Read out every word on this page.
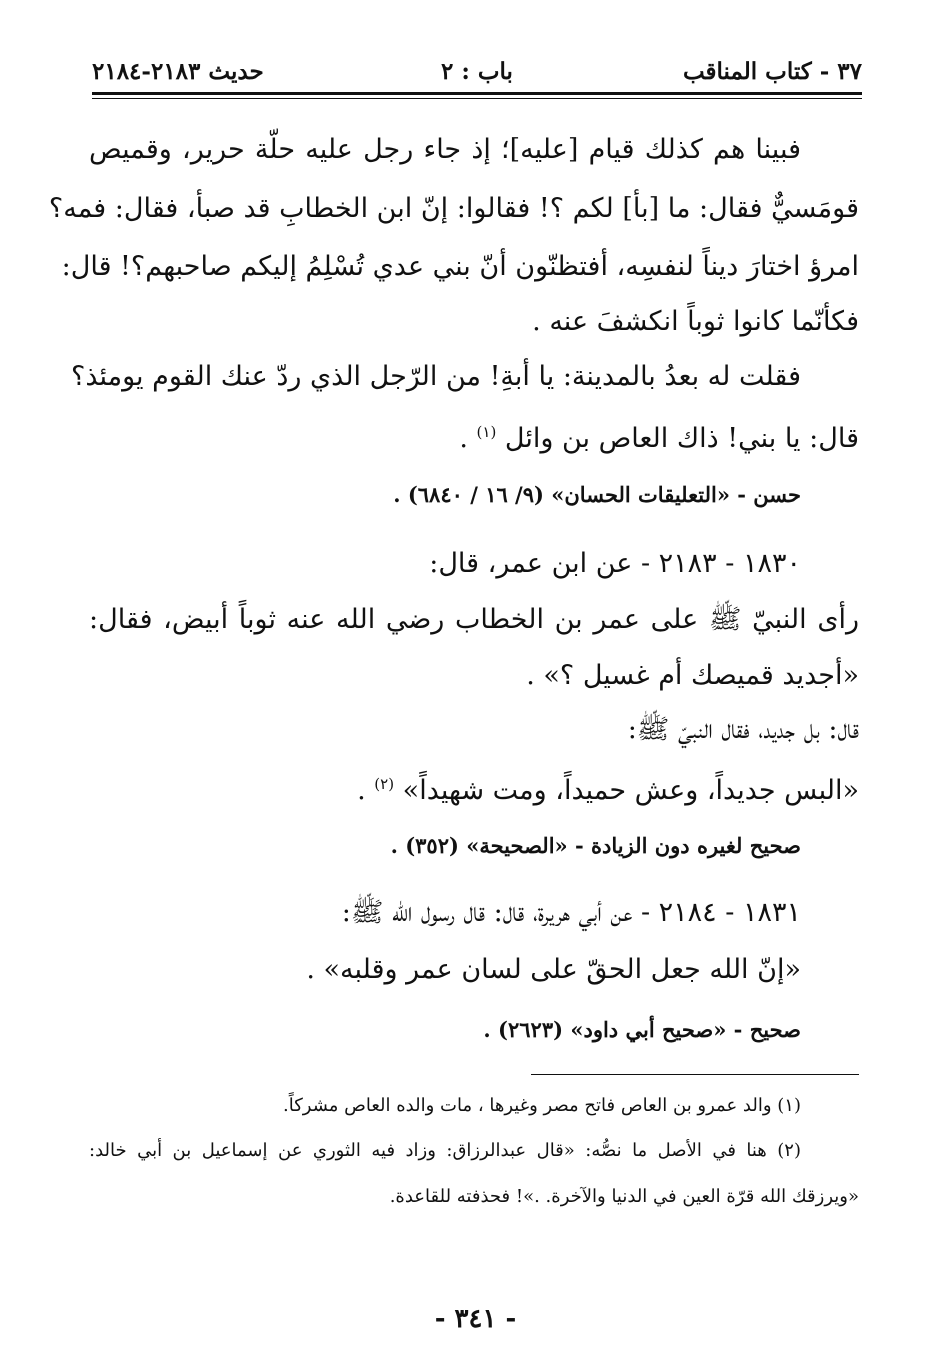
٣٧ - كتاب المناقب
باب : ٢
حديث ٢١٨٣-٢١٨٤
فبينا هم كذلك قيام [عليه]؛ إذ جاء رجل عليه حلّة حرير، وقميص
قومَسيٌّ فقال: ما [بأ] لكم ؟! فقالوا: إنّ ابن الخطابِ قد صبأ، فقال: فمه؟
امرؤ اختارَ ديناً لنفسِه، أفتظنّون أنّ بني عدي تُسْلِمُ إليكم صاحبهم؟! قال:
فكأنّما كانوا ثوباً انكشفَ عنه .
فقلت له بعدُ بالمدينة: يا أبةِ! من الرّجل الذي ردّ عنك القوم يومئذ؟
قال: يا بني! ذاك العاص بن وائل $^{(١)}$ .
حسن - «التعليقات الحسان» (٩/ ١٦ / ٦٨٤٠) .
١٨٣٠ - ٢١٨٣ - عن ابن عمر، قال:
رأى النبيّ ﷺ على عمر بن الخطاب رضي الله عنه ثوباً أبيض، فقال:
«أجديد قميصك أم غسيل ؟» .
قال: بل جديد، فقال النبيّ ﷺ:
«البس جديداً، وعش حميداً، ومت شهيداً» $^{(٢)}$ .
صحيح لغيره دون الزيادة - «الصحيحة» (٣٥٢) .
١٨٣١ - ٢١٨٤ - عن أبي هريرة، قال: قال رسول الله ﷺ:
«إنّ الله جعل الحقّ على لسان عمر وقلبه» .
صحيح - «صحيح أبي داود» (٢٦٢٣) .
(١) والد عمرو بن العاص فاتح مصر وغيرها ، مات والده العاص مشركاً.
(٢) هنا في الأصل ما نصُّه: «قال عبدالرزاق: وزاد فيه الثوري عن إسماعيل بن أبي خالد:
«ويرزقك الله قرّة العين في الدنيا والآخرة. .»! فحذفته للقاعدة.
- ٣٤١ -
